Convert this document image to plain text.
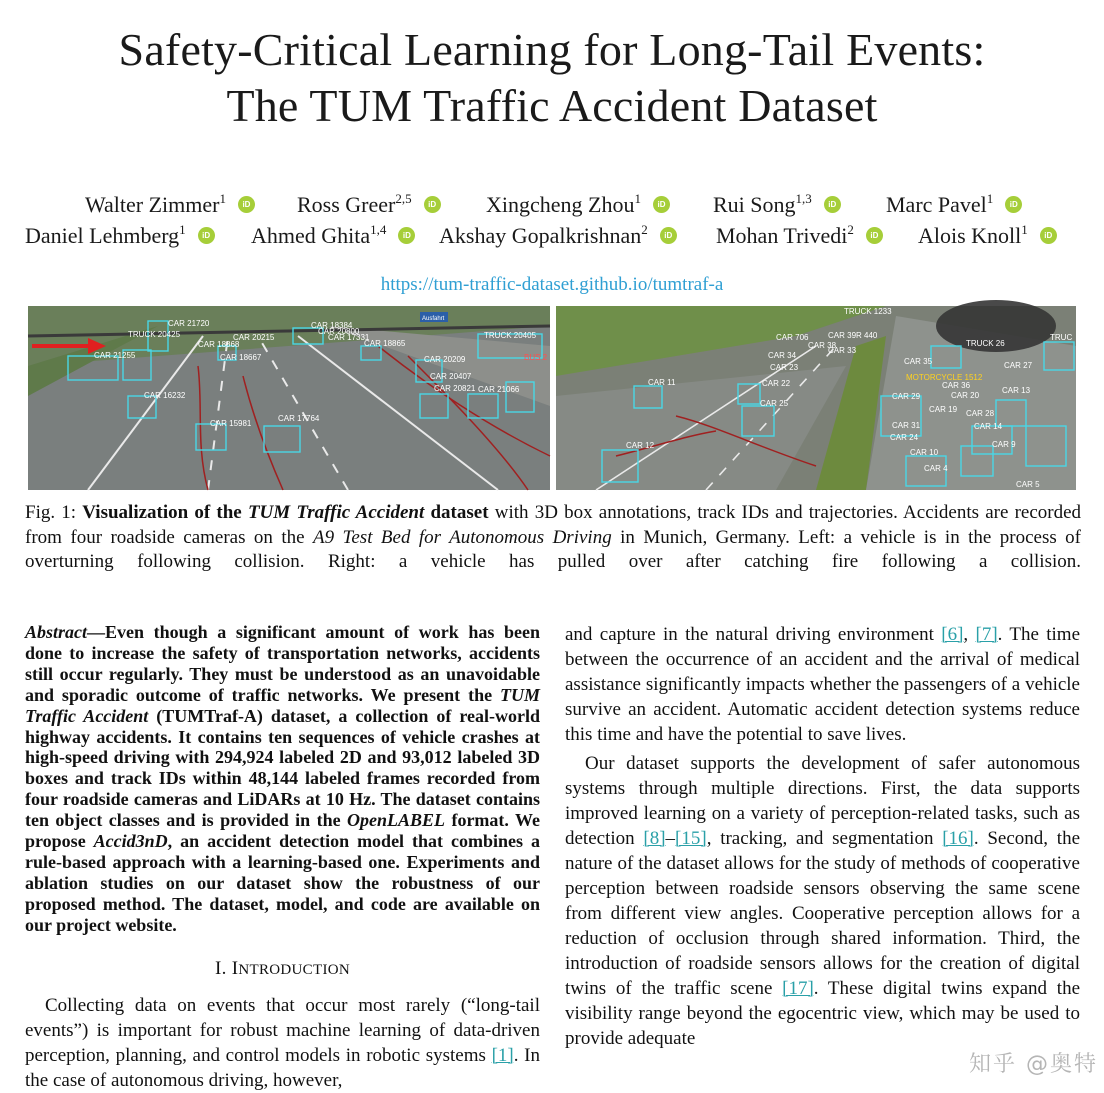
Safety-Critical Learning for Long-Tail Events:
The TUM Traffic Accident Dataset
Walter Zimmer$^1$ iD Ross Greer$^{2,5}$ iD Xingcheng Zhou$^1$ iD Rui Song$^{1,3}$ iD Marc Pavel$^1$ iD
Daniel Lehmberg$^1$ iD Ahmed Ghita$^{1,4}$ iD Akshay Gopalkrishnan$^2$ iD Mohan Trivedi$^2$ iD Alois Knoll$^1$ iD
https://tum-traffic-dataset.github.io/tumtraf-a
Ausfahrt
CAR 21720
CAR 20215
CAR 18868
CAR 18384
CAR 17331
CAR 18865
CAR 18667
CAR 21255
CAR 16232
CAR 15981
CAR 17764
CAR 20209
CAR 20407
CAR 20821 CAR 21066
TRUCK 20405
BUS 2
TRUCK 20425	CAR 20800
CAR 706
CAR 34
CAR 23
CAR 22
CAR 25
CAR 11
CAR 12
CAR 38
CAR 33
CAR 39R 440
CAR 35
TRUCK 26
CAR 27
MOTORCYCLE 1512
CAR 36
CAR 29	CAR 20
CAR 13
CAR 19 CAR 28
CAR 31	CAR 14
CAR 24
CAR 9
CAR 10
CAR 4
CAR 5
TRUCK 1233
TRUC
Fig. 1: Visualization of the TUM Traffic Accident dataset with 3D box annotations, track IDs and trajectories. Accidents are recorded from four roadside cameras on the A9 Test Bed for Autonomous Driving in Munich, Germany. Left: a vehicle is in the process of overturning following collision. Right: a vehicle has pulled over after catching fire following a collision.
Abstract—Even though a significant amount of work has been done to increase the safety of transportation networks, accidents still occur regularly. They must be understood as an unavoidable and sporadic outcome of traffic networks. We present the TUM Traffic Accident (TUMTraf-A) dataset, a collection of real-world highway accidents. It contains ten sequences of vehicle crashes at high-speed driving with 294,924 labeled 2D and 93,012 labeled 3D boxes and track IDs within 48,144 labeled frames recorded from four roadside cameras and LiDARs at 10 Hz. The dataset contains ten object classes and is provided in the OpenLABEL format. We propose Accid3nD, an accident detection model that combines a rule-based approach with a learning-based one. Experiments and ablation studies on our dataset show the robustness of our proposed method. The dataset, model, and code are available on our project website.
I. INTRODUCTION
Collecting data on events that occur most rarely (“long-tail events”) is important for robust machine learning of data-driven perception, planning, and control models in robotic systems [1]. In the case of autonomous driving, however,
and capture in the natural driving environment [6], [7]. The time between the occurrence of an accident and the arrival of medical assistance significantly impacts whether the passengers of a vehicle survive an accident. Automatic accident detection systems reduce this time and have the potential to save lives.
Our dataset supports the development of safer autonomous systems through multiple directions. First, the data supports improved learning on a variety of perception-related tasks, such as detection [8]–[15], tracking, and segmentation [16]. Second, the nature of the dataset allows for the study of methods of cooperative perception between roadside sensors observing the same scene from different view angles. Cooperative perception allows for a reduction of occlusion through shared information. Third, the introduction of roadside sensors allows for the creation of digital twins of the traffic scene [17]. These digital twins expand the visibility range beyond the egocentric view, which may be used to provide adequate
知乎 @奥特
